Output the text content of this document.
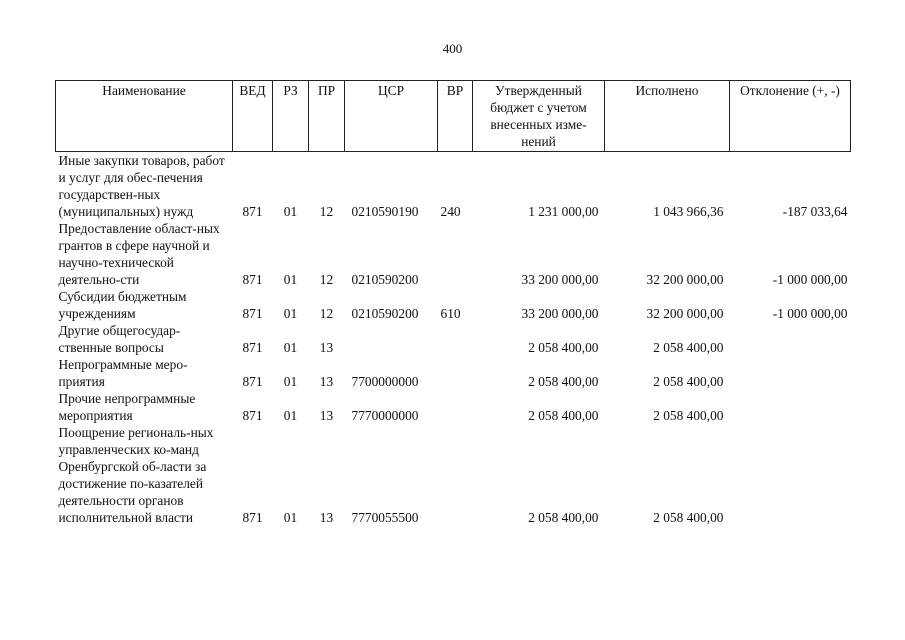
400
Наименование	ВЕД	РЗ	ПР	ЦСР	ВР	Утвержденный бюджет с учетом внесенных изме-нений	Исполнено	Отклонение (+, -)
Иные закупки товаров, работ и услуг для обес-печения государствен-ных (муниципальных) нужд	871	01	12	0210590190	240	1 231 000,00	1 043 966,36	-187 033,64
Предоставление област-ных грантов в сфере научной и научно-технической деятельно-сти	871	01	12	0210590200		33 200 000,00	32 200 000,00	-1 000 000,00
Субсидии бюджетным учреждениям	871	01	12	0210590200	610	33 200 000,00	32 200 000,00	-1 000 000,00
Другие общегосудар-ственные вопросы	871	01	13			2 058 400,00	2 058 400,00	
Непрограммные меро-приятия	871	01	13	7700000000		2 058 400,00	2 058 400,00	
Прочие непрограммные мероприятия	871	01	13	7770000000		2 058 400,00	2 058 400,00	
Поощрение региональ-ных управленческих ко-манд Оренбургской об-ласти за достижение по-казателей деятельности органов исполнительной власти	871	01	13	7770055500		2 058 400,00	2 058 400,00	
